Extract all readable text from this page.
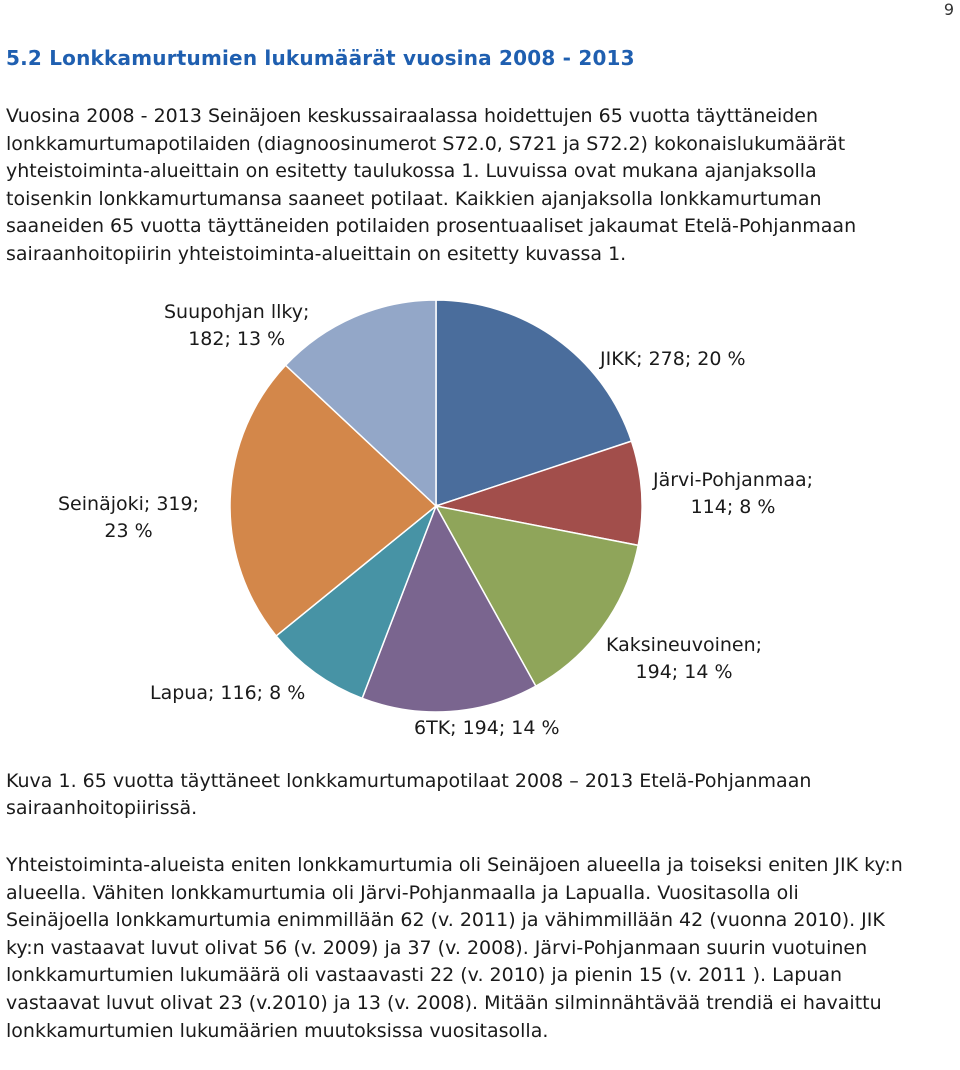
9
5.2 Lonkkamurtumien lukumäärät vuosina 2008 - 2013

Vuosina 2008 - 2013 Seinäjoen keskussairaalassa hoidettujen 65 vuotta täyttäneiden lonkkamurtumapotilaiden (diagnoosinumerot S72.0, S721 ja S72.2) kokonaislukumäärät yhteistoiminta-alueittain on esitetty taulukossa 1. Luvuissa ovat mukana ajanjaksolla toisenkin lonkkamurtumansa saaneet potilaat. Kaikkien ajanjaksolla lonkkamurtuman saaneiden 65 vuotta täyttäneiden potilaiden prosentuaaliset jakaumat Etelä-Pohjanmaan sairaanhoitopiirin yhteistoiminta-alueittain on esitetty kuvassa 1.

JIKK; 278; 20 %
Järvi-Pohjanmaa;
114; 8 %
Kaksineuvoinen;
194; 14 %
6TK; 194; 14 %
Lapua; 116; 8 %
Seinäjoki; 319;
23 %
Suupohjan llky;
182; 13 %

Kuva 1. 65 vuotta täyttäneet lonkkamurtumapotilaat 2008 – 2013 Etelä-Pohjanmaan sairaanhoitopiirissä.

Yhteistoiminta-alueista eniten lonkkamurtumia oli Seinäjoen alueella ja toiseksi eniten JIK ky:n alueella. Vähiten lonkkamurtumia oli Järvi-Pohjanmaalla ja Lapualla. Vuositasolla oli Seinäjoella lonkkamurtumia enimmillään 62 (v. 2011) ja vähimmillään 42 (vuonna 2010). JIK ky:n vastaavat luvut olivat 56 (v. 2009) ja 37 (v. 2008). Järvi-Pohjanmaan suurin vuotuinen lonkkamurtumien lukumäärä oli vastaavasti 22 (v. 2010) ja pienin 15 (v. 2011 ). Lapuan vastaavat luvut olivat 23 (v.2010) ja 13 (v. 2008). Mitään silminnähtävää trendiä ei havaittu lonkkamurtumien lukumäärien muutoksissa vuositasolla.
